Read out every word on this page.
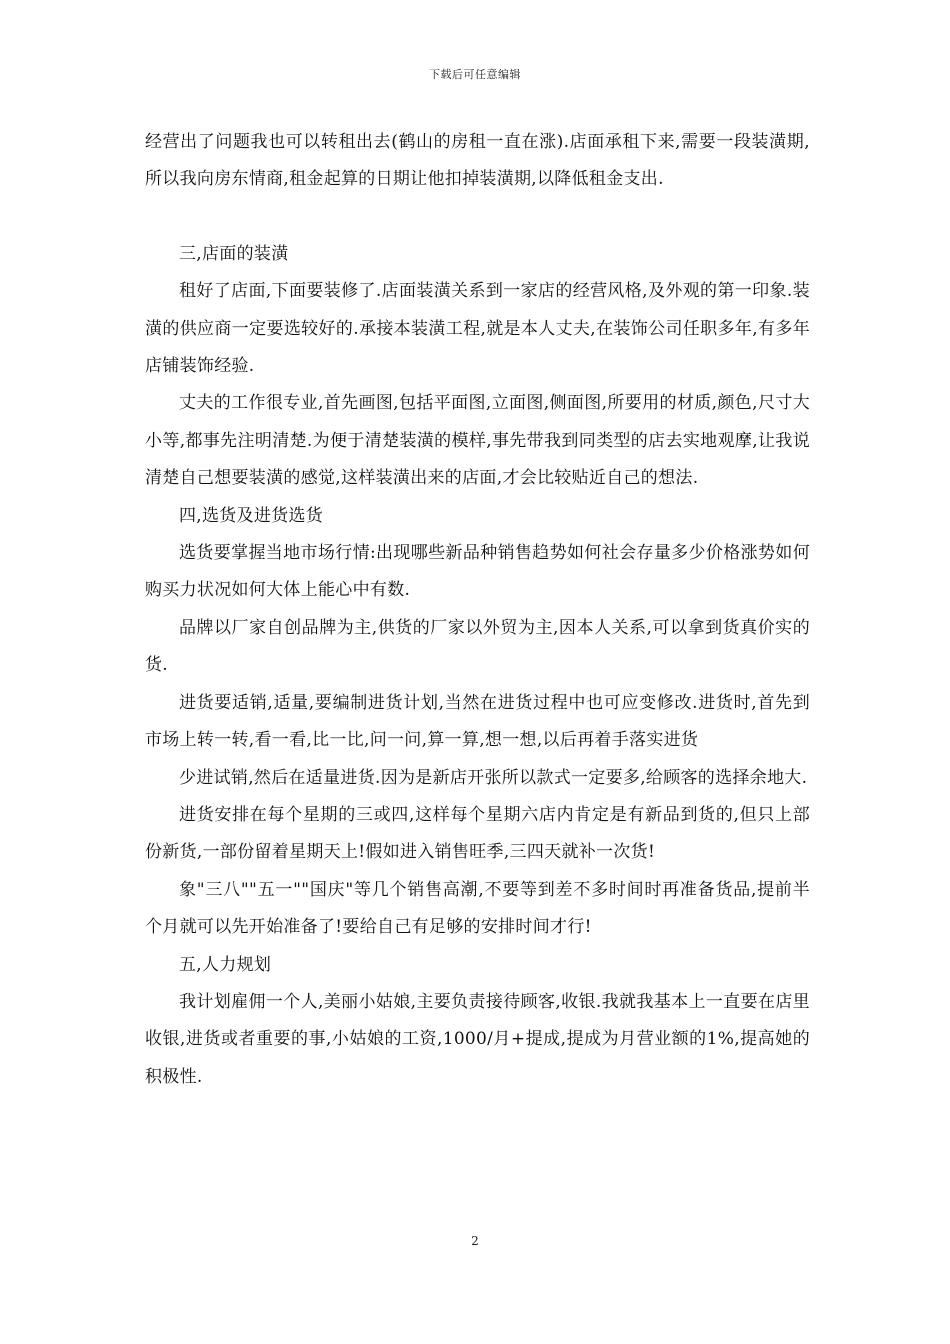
下载后可任意编辑

经营出了问题我也可以转租出去(鹤山的房租一直在涨).店面承租下来,需要一段装潢期,所以我向房东情商,租金起算的日期让他扣掉装潢期,以降低租金支出.

三,店面的装潢

租好了店面,下面要装修了.店面装潢关系到一家店的经营风格,及外观的第一印象.装潢的供应商一定要选较好的.承接本装潢工程,就是本人丈夫,在装饰公司任职多年,有多年店铺装饰经验.

丈夫的工作很专业,首先画图,包括平面图,立面图,侧面图,所要用的材质,颜色,尺寸大小等,都事先注明清楚.为便于清楚装潢的模样,事先带我到同类型的店去实地观摩,让我说清楚自己想要装潢的感觉,这样装潢出来的店面,才会比较贴近自己的想法.

四,选货及进货选货

选货要掌握当地市场行情:出现哪些新品种销售趋势如何社会存量多少价格涨势如何购买力状况如何大体上能心中有数.

品牌以厂家自创品牌为主,供货的厂家以外贸为主,因本人关系,可以拿到货真价实的货.

进货要适销,适量,要编制进货计划,当然在进货过程中也可应变修改.进货时,首先到市场上转一转,看一看,比一比,问一问,算一算,想一想,以后再着手落实进货

少进试销,然后在适量进货.因为是新店开张所以款式一定要多,给顾客的选择余地大.

进货安排在每个星期的三或四,这样每个星期六店内肯定是有新品到货的,但只上部份新货,一部份留着星期天上!假如进入销售旺季,三四天就补一次货!

象"三八""五一""国庆"等几个销售高潮,不要等到差不多时间时再准备货品,提前半个月就可以先开始准备了!要给自己有足够的安排时间才行!

五,人力规划

我计划雇佣一个人,美丽小姑娘,主要负责接待顾客,收银.我就我基本上一直要在店里收银,进货或者重要的事,小姑娘的工资,1000/月+提成,提成为月营业额的1%,提高她的积极性.

2
